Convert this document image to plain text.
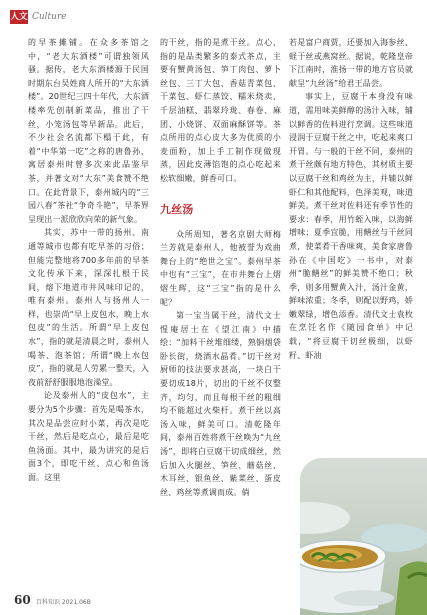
人文 Culture

的早茶摊铺。在众多茶馆之中，“老大东酒楼”可谓独领风骚。据传，老大东酒楼源于民国时期东台吴姓商人所开的“大东酒楼”。20世纪三四十年代，大东酒楼率先创制新菜品，推出了干丝，小笼汤包等早新品。此后，不少社会名流都下榻于此，有着“中华第一吃”之称的唐鲁孙，寓居泰州时曾多次来此品鉴早茶，并著文对“大东”美食赞不绝口。在此背景下，泰州城内的“三园八春”茶社“争奇斗艳”，早茶界呈现出一派欣欣向荣的新气象。

其实，苏中一带的扬州、南通等城市也都有吃早茶的习俗；但能完整地将700多年前的早茶文化传承下来，深深扎根于民间，熔下地道市井风味印记的，唯有泰州。泰州人与扬州人一样，也崇尚“早上皮包水，晚上水包皮”的生活。所谓“早上皮包水”，指的就是清晨之时，泰州人喝茶、泡茶馆；所谓“晚上水包皮”，指的就是人劳累一整天，入夜前舒舒服服地泡澡堂。

论及泰州人的“皮包水”，主要分为5个步骤：首先是喝茶水，其次是品尝应时小菜，再次是吃干丝，然后是吃点心，最后是吃鱼汤面。其中，最为讲究的是后面3个，即吃干丝、点心和鱼汤面。这里

的干丝，指的是煮干丝。点心，指的是品类繁多的泰式茶点，主要有蟹黄汤包、笋丁肉包、萝卜丝包、三丁大包、香菇青菜包、干菜包、虾仁蒸饺、糯米烧卖、千层油糕、翡翠玲珑、春卷、麻团、小烧饼、双面麻酥饼等。茶点所用的点心皮大多为优质的小麦面粉，加上手工制作现做现蒸，因此皮薄馅饱的点心吃起来松软细嫩，鲜香可口。

九丝汤

众所周知，著名京剧大师梅兰芳就是泰州人，他被誉为戏曲舞台上的“绝世之宝”。泰州早茶中也有“三宝”，在市井舞台上熠熠生辉，这“三宝”指的是什么呢？

第一宝当属干丝，清代文士惺庵居士在《望江南》中描绘：“加料干丝堆细缕，熟铜烟袋卧长街，烧酒水晶肴。”切干丝对厨师的技法要求甚高，一块白干要切成18片，切出的干丝不仅整齐，均匀，而且每根干丝的粗细均不能超过火柴杆。煮干丝以高汤入味，鲜美可口。清乾隆年间，泰州百姓将煮干丝唤为“九丝汤”，即将白豆腐干切成细丝，然后加入火腿丝、笋丝、蘑菇丝、木耳丝、银鱼丝、紫菜丝、蛋皮丝、鸡丝等煮调而成。倘

若是富户商贾，还要加入海参丝、蛏干丝或燕窝丝。据说，乾隆皇帝下江南时，淮扬一带的地方官员就献呈“九丝汤”给君王品尝。

事实上，豆腐干本身没有味道，需用味美鲜醇的汤汁入味，辅以鲜香的佐料进行烹调。这些味道浸润于豆腐干丝之中，吃起来爽口开胃。与一般的干丝不同，泰州的煮干丝颇有地方特色，其材质主要以豆腐干丝和鸡丝为主，并辅以鲜虾仁和其他配料，色泽美观，味道鲜美。煮干丝对佐料还有季节性的要求：春季，用竹蛭入味，以海鲜增味；夏季宜脆，用鳝丝与干丝同煮，使菜肴干香味爽，美食家唐鲁孙在《中国吃》一书中，对泰州“脆鳝丝”的鲜美赞不绝口；秋季，则多用蟹黄入汁，汤汁金黄，鲜味浓重；冬季，则配以野鸡，娇嫩翠绿，增色添香。清代文士袁枚在烹饪名作《随园食单》中记载，“将豆腐干切丝极细，以虾籽、虾油

60 百科知识 2021.06B
